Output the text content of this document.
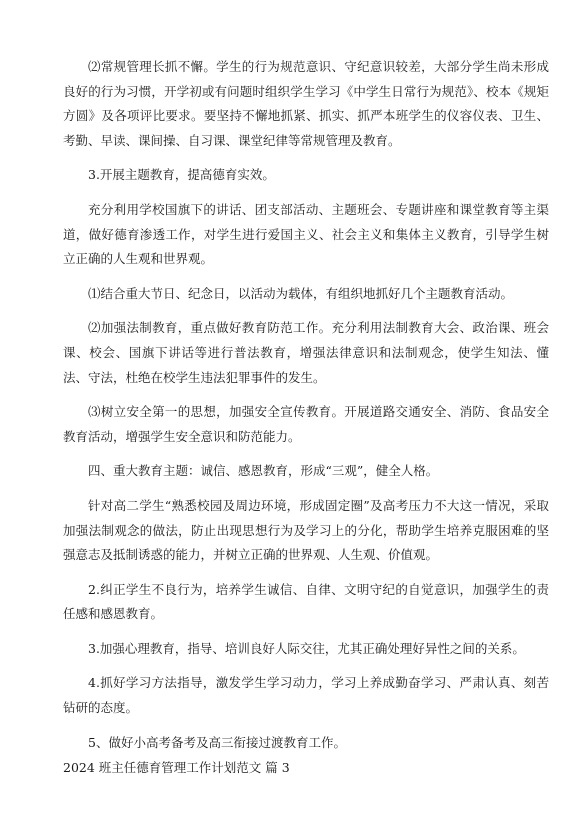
⑵常规管理长抓不懈。学生的行为规范意识、守纪意识较差，大部分学生尚未形成良好的行为习惯，开学初或有问题时组织学生学习《中学生日常行为规范》、校本《规矩方圆》及各项评比要求。要坚持不懈地抓紧、抓实、抓严本班学生的仪容仪表、卫生、考勤、早读、课间操、自习课、课堂纪律等常规管理及教育。

3.开展主题教育，提高德育实效。

充分利用学校国旗下的讲话、团支部活动、主题班会、专题讲座和课堂教育等主渠道，做好德育渗透工作，对学生进行爱国主义、社会主义和集体主义教育，引导学生树立正确的人生观和世界观。

⑴结合重大节日、纪念日，以活动为载体，有组织地抓好几个主题教育活动。

⑵加强法制教育，重点做好教育防范工作。充分利用法制教育大会、政治课、班会课、校会、国旗下讲话等进行普法教育，增强法律意识和法制观念，使学生知法、懂法、守法，杜绝在校学生违法犯罪事件的发生。

⑶树立安全第一的思想，加强安全宣传教育。开展道路交通安全、消防、食品安全教育活动，增强学生安全意识和防范能力。

四、重大教育主题：诚信、感恩教育，形成“三观”，健全人格。

针对高二学生“熟悉校园及周边环境，形成固定圈”及高考压力不大这一情况，采取加强法制观念的做法，防止出现思想行为及学习上的分化，帮助学生培养克服困难的坚强意志及抵制诱惑的能力，并树立正确的世界观、人生观、价值观。

2.纠正学生不良行为，培养学生诚信、自律、文明守纪的自觉意识，加强学生的责任感和感恩教育。

3.加强心理教育，指导、培训良好人际交往，尤其正确处理好异性之间的关系。

4.抓好学习方法指导，激发学生学习动力，学习上养成勤奋学习、严肃认真、刻苦钻研的态度。

5、做好小高考备考及高三衔接过渡教育工作。

2024 班主任德育管理工作计划范文 篇 3
